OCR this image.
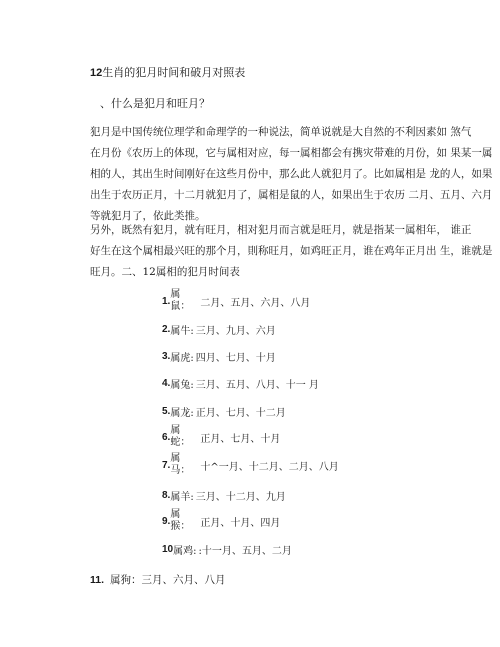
12生肖的犯月时间和破月对照表
、什么是犯月和旺月？
犯月是中国传统位理学和命理学的一种说法，简单说就是大自然的不利因素如 煞气
在月份《农历上的体现，它与属相对应，每一属相都会有携灾带难的月份，如 果某一属
相的人，其出生时间刚好在这些月份中，那么此人就犯月了。比如属相是 龙的人，如果
出生于农历正月，十二月就犯月了，属相是鼠的人，如果出生于农历 二月、五月、六月
等就犯月了，依此类推。
另外，既然有犯月，就有旺月，相对犯月而言就是旺月，就是指某一属相年， 谁正
好生在这个属相最兴旺的那个月，則称旺月，如鸡旺正月，谁在鸡年正月出 生，谁就是
旺月。二、12属相的犯月时间表
1.
属
鼠： 二月、五月、六月、八月
2. 属牛: 三月、九月、六月
3. 属虎: 四月、七月、十月
4. 属兔: 三月、五月、八月、十一 月
5. 属龙: 正月、七月、十二月
6.
属
蛇： 正月、七月、十月
7.
属
马： 十^一月、十二月、二月、八月
8. 属羊: 三月、十二月、九月
9.
属
猴： 正月、十月、四月
10 属鸡: :十一月、五月、二月
11. 属狗：三月、六月、八月
